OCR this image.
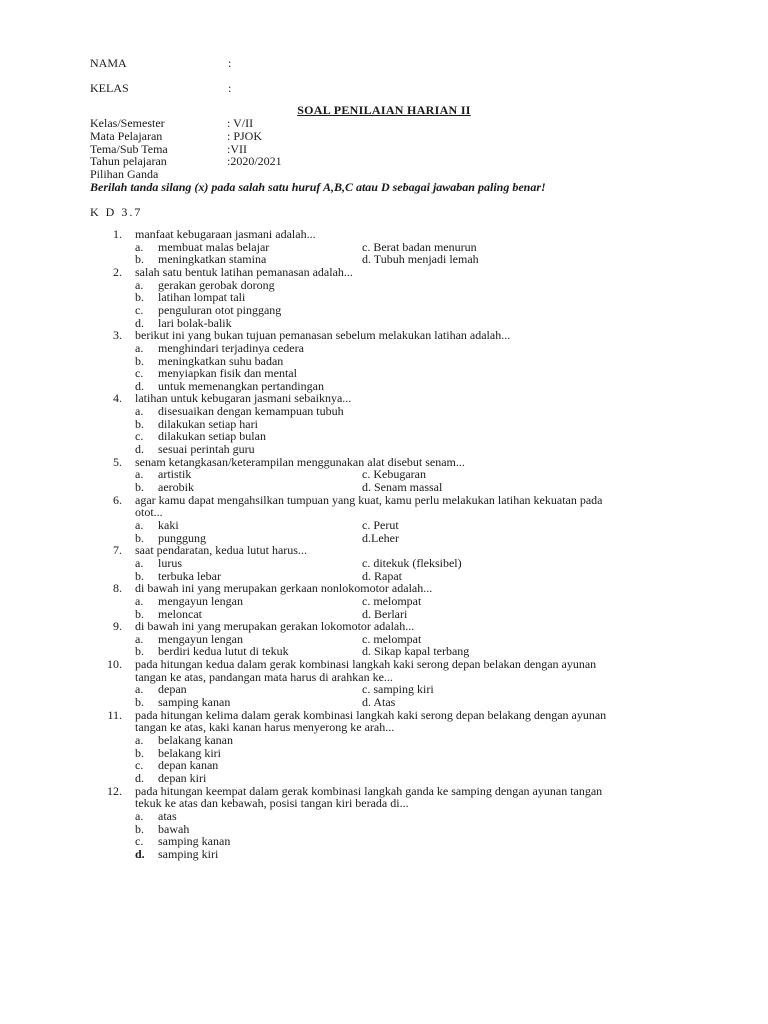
NAMA	:
KELAS	:
SOAL PENILAIAN HARIAN II
Kelas/Semester	: V/II
Mata Pelajaran	: PJOK
Tema/Sub Tema	:VII
Tahun pelajaran	:2020/2021
Pilihan Ganda
Berilah tanda silang (x) pada salah satu huruf A,B,C atau D sebagai jawaban paling benar!
K D 3.7
1. manfaat kebugaraan jasmani adalah...
a. membuat malas belajar	c. Berat badan menurun
b. meningkatkan stamina	d. Tubuh menjadi lemah
2. salah satu bentuk latihan pemanasan adalah...
a. gerakan gerobak dorong
b. latihan lompat tali
c. penguluran otot pinggang
d. lari bolak-balik
3. berikut ini yang bukan tujuan pemanasan sebelum melakukan latihan adalah...
a. menghindari terjadinya cedera
b. meningkatkan suhu badan
c. menyiapkan fisik dan mental
d. untuk memenangkan pertandingan
4. latihan untuk kebugaran jasmani sebaiknya...
a. disesuaikan dengan kemampuan tubuh
b. dilakukan setiap hari
c. dilakukan setiap bulan
d. sesuai perintah guru
5. senam ketangkasan/keterampilan menggunakan alat disebut senam...
a. artistik	c. Kebugaran
b. aerobik	d. Senam massal
6. agar kamu dapat mengahsilkan tumpuan yang kuat, kamu perlu melakukan latihan kekuatan pada
otot...
a. kaki	c. Perut
b. punggung	d.Leher
7. saat pendaratan, kedua lutut harus...
a. lurus	c. ditekuk (fleksibel)
b. terbuka lebar	d. Rapat
8. di bawah ini yang merupakan gerkaan nonlokomotor adalah...
a. mengayun lengan	c. melompat
b. meloncat	d. Berlari
9. di bawah ini yang merupakan gerakan lokomotor adalah...
a. mengayun lengan	c. melompat
b. berdiri kedua lutut di tekuk	d. Sikap kapal terbang
10. pada hitungan kedua dalam gerak kombinasi langkah kaki serong depan belakan dengan ayunan
tangan ke atas, pandangan mata harus di arahkan ke...
a. depan	c. samping kiri
b. samping kanan	d. Atas
11. pada hitungan kelima dalam gerak kombinasi langkah kaki serong depan belakang dengan ayunan
tangan ke atas, kaki kanan harus menyerong ke arah...
a. belakang kanan
b. belakang kiri
c. depan kanan
d. depan kiri
12. pada hitungan keempat dalam gerak kombinasi langkah ganda ke samping dengan ayunan tangan
tekuk ke atas dan kebawah, posisi tangan kiri berada di...
a. atas
b. bawah
c. samping kanan
d. samping kiri
